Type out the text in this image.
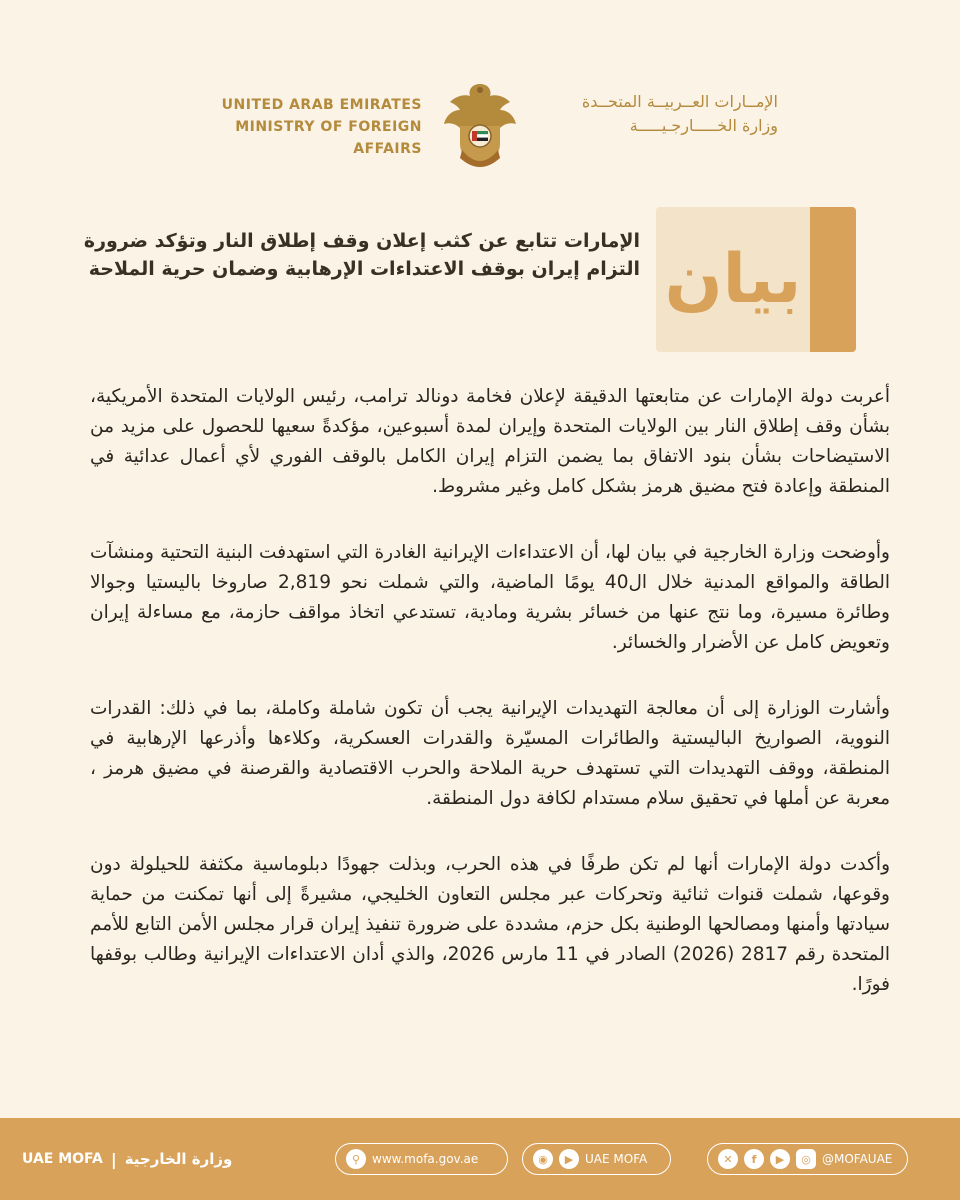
UNITED ARAB EMIRATES
MINISTRY OF FOREIGN AFFAIRS
الإمــارات العــربيــة المتحــدة
وزارة الخـــــارجـيـــــة
الإمارات تتابع عن كثب إعلان وقف إطلاق النار وتؤكد ضرورة التزام إيران بوقف الاعتداءات الإرهابية وضمان حرية الملاحة بيان

أعربت دولة الإمارات عن متابعتها الدقيقة لإعلان فخامة دونالد ترامب، رئيس الولايات المتحدة الأمريكية، بشأن وقف إطلاق النار بين الولايات المتحدة وإيران لمدة أسبوعين، مؤكدةً سعيها للحصول على مزيد من الاستيضاحات بشأن بنود الاتفاق بما يضمن التزام إيران الكامل بالوقف الفوري لأي أعمال عدائية في المنطقة وإعادة فتح مضيق هرمز بشكل كامل وغير مشروط.

وأوضحت وزارة الخارجية في بيان لها، أن الاعتداءات الإيرانية الغادرة التي استهدفت البنية التحتية ومنشآت الطاقة والمواقع المدنية خلال ال40 يومًا الماضية، والتي شملت نحو 2,819 صاروخا باليستيا وجوالا وطائرة مسيرة، وما نتج عنها من خسائر بشرية ومادية، تستدعي اتخاذ مواقف حازمة، مع مساءلة إيران وتعويض كامل عن الأضرار والخسائر.

وأشارت الوزارة إلى أن معالجة التهديدات الإيرانية يجب أن تكون شاملة وكاملة، بما في ذلك: القدرات النووية، الصواريخ الباليستية والطائرات المسيّرة والقدرات العسكرية، وكلاءها وأذرعها الإرهابية في المنطقة، ووقف التهديدات التي تستهدف حرية الملاحة والحرب الاقتصادية والقرصنة في مضيق هرمز ، معربة عن أملها في تحقيق سلام مستدام لكافة دول المنطقة.

وأكدت دولة الإمارات أنها لم تكن طرفًا في هذه الحرب، وبذلت جهودًا دبلوماسية مكثفة للحيلولة دون وقوعها، شملت قنوات ثنائية وتحركات عبر مجلس التعاون الخليجي، مشيرةً إلى أنها تمكنت من حماية سيادتها وأمنها ومصالحها الوطنية بكل حزم، مشددة على ضرورة تنفيذ إيران قرار مجلس الأمن التابع للأمم المتحدة رقم 2817 (2026) الصادر في 11 مارس 2026، والذي أدان الاعتداءات الإيرانية وطالب بوقفها فورًا.

UAE MOFA | وزارة الخارجية	⚲ www.mofa.gov.ae	◉	▶ UAE MOFA	✕	f	▶	◎ @MOFAUAE
